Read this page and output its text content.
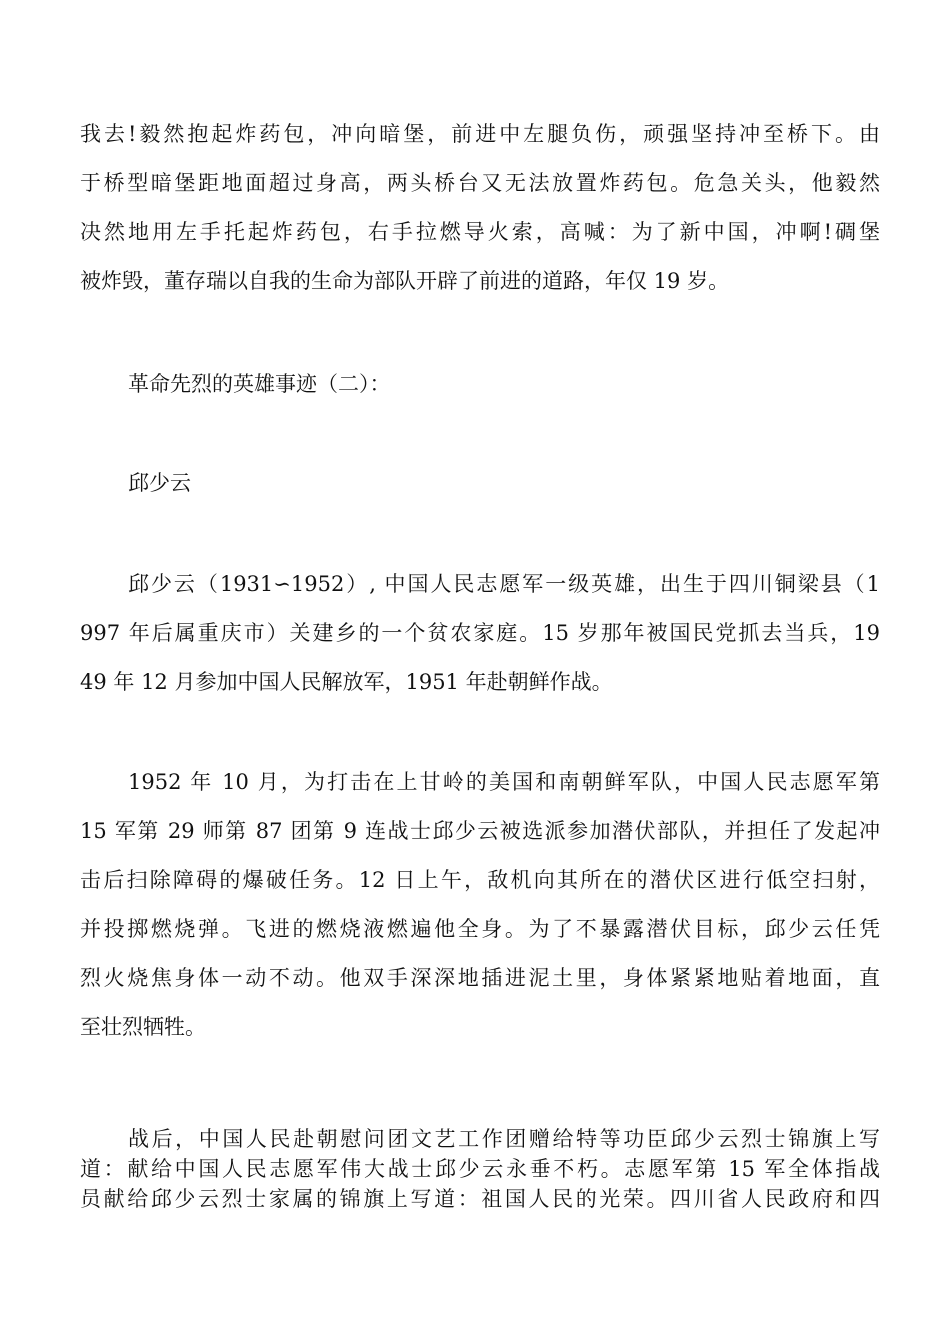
我去!毅然抱起炸药包，冲向暗堡，前进中左腿负伤，顽强坚持冲至桥下。由
于桥型暗堡距地面超过身高，两头桥台又无法放置炸药包。危急关头，他毅然
决然地用左手托起炸药包，右手拉燃导火索，高喊：为了新中国，冲啊!碉堡
被炸毁，董存瑞以自我的生命为部队开辟了前进的道路，年仅 19 岁。
革命先烈的英雄事迹（二）：
邱少云
邱少云（1931∽1952）, 中国人民志愿军一级英雄，出生于四川铜梁县（1
997 年后属重庆市）关建乡的一个贫农家庭。15 岁那年被国民党抓去当兵，19
49 年 12 月参加中国人民解放军，1951 年赴朝鲜作战。
1952 年 10 月，为打击在上甘岭的美国和南朝鲜军队，中国人民志愿军第
15 军第 29 师第 87 团第 9 连战士邱少云被选派参加潜伏部队，并担任了发起冲
击后扫除障碍的爆破任务。12 日上午，敌机向其所在的潜伏区进行低空扫射，
并投掷燃烧弹。飞进的燃烧液燃遍他全身。为了不暴露潜伏目标，邱少云任凭
烈火烧焦身体一动不动。他双手深深地插进泥土里，身体紧紧地贴着地面，直
至壮烈牺牲。
战后，中国人民赴朝慰问团文艺工作团赠给特等功臣邱少云烈士锦旗上写
道：献给中国人民志愿军伟大战士邱少云永垂不朽。志愿军第 15 军全体指战
员献给邱少云烈士家属的锦旗上写道：祖国人民的光荣。四川省人民政府和四
